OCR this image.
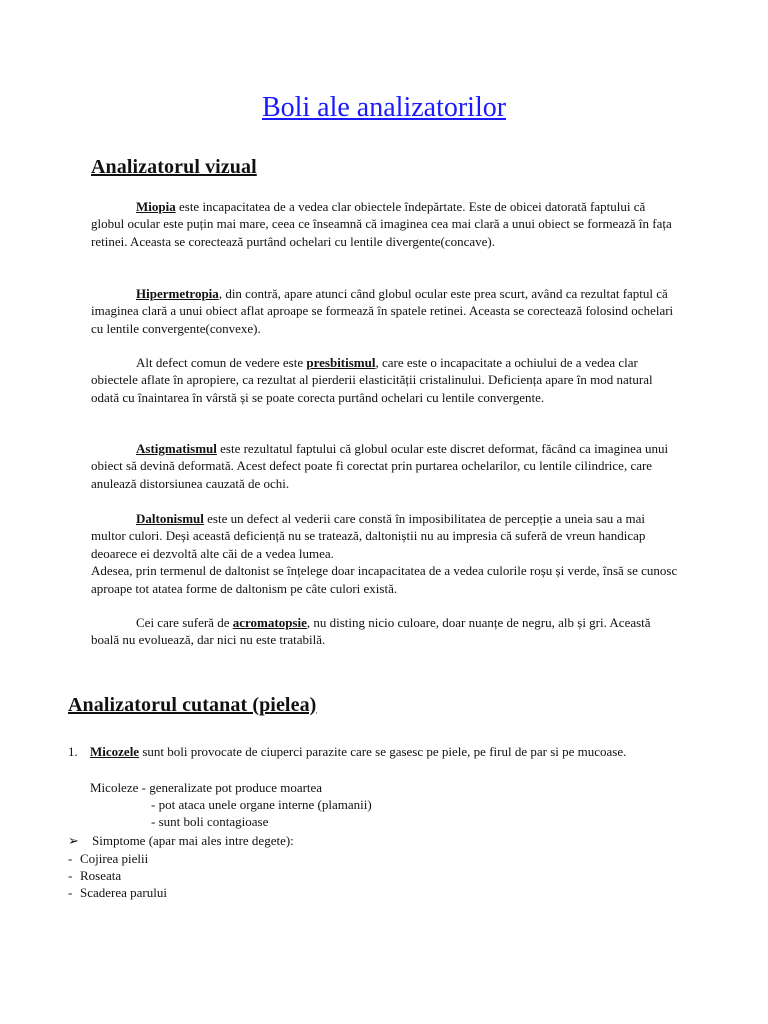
Boli ale analizatorilor
Analizatorul vizual

Miopia este incapacitatea de a vedea clar obiectele îndepărtate. Este de obicei datorată faptului că globul ocular este puțin mai mare, ceea ce înseamnă că imaginea cea mai clară a unui obiect se formează în fața retinei. Aceasta se corectează purtând ochelari cu lentile divergente(concave).

Hipermetropia, din contră, apare atunci când globul ocular este prea scurt, având ca rezultat faptul că imaginea clară a unui obiect aflat aproape se formează în spatele retinei. Aceasta se corectează folosind ochelari cu lentile convergente(convexe).

Alt defect comun de vedere este presbitismul, care este o incapacitate a ochiului de a vedea clar obiectele aflate în apropiere, ca rezultat al pierderii elasticității cristalinului. Deficiența apare în mod natural odată cu înaintarea în vârstă și se poate corecta purtând ochelari cu lentile convergente.

Astigmatismul este rezultatul faptului că globul ocular este discret deformat, făcând ca imaginea unui obiect să devină deformată. Acest defect poate fi corectat prin purtarea ochelarilor, cu lentile cilindrice, care anulează distorsiunea cauzată de ochi.

Daltonismul este un defect al vederii care constă în imposibilitatea de percepție a uneia sau a mai multor culori. Deși această deficiență nu se tratează, daltoniștii nu au impresia că suferă de vreun handicap deoarece ei dezvoltă alte căi de a vedea lumea.
Adesea, prin termenul de daltonist se înțelege doar incapacitatea de a vedea culorile roșu și verde, însă se cunosc aproape tot atatea forme de daltonism pe câte culori există.

Cei care suferă de acromatopsie, nu disting nicio culoare, doar nuanțe de negru, alb și gri. Această boală nu evoluează, dar nici nu este tratabilă.

Analizatorul cutanat (pielea)
1. Micozele sunt boli provocate de ciuperci parazite care se gasesc pe piele, pe firul de par si pe mucoase.
Micoleze - generalizate pot produce moartea
- pot ataca unele organe interne (plamanii)
- sunt boli contagioase
➢ Simptome (apar mai ales intre degete):
- Cojirea pielii
- Roseata
- Scaderea parului
